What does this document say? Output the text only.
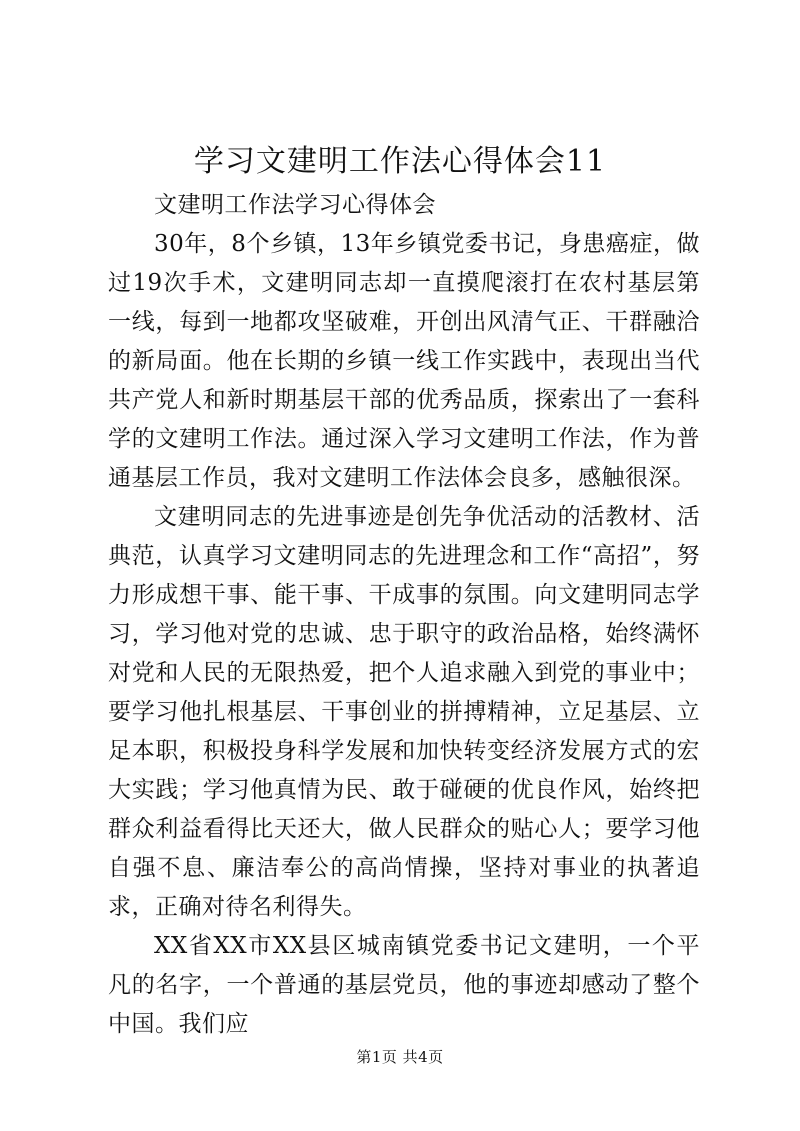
学习文建明工作法心得体会11

文建明工作法学习心得体会

30年，8个乡镇，13年乡镇党委书记，身患癌症，做过19次手术，文建明同志却一直摸爬滚打在农村基层第一线，每到一地都攻坚破难，开创出风清气正、干群融洽的新局面。他在长期的乡镇一线工作实践中，表现出当代共产党人和新时期基层干部的优秀品质，探索出了一套科学的文建明工作法。通过深入学习文建明工作法，作为普通基层工作员，我对文建明工作法体会良多，感触很深。

文建明同志的先进事迹是创先争优活动的活教材、活典范，认真学习文建明同志的先进理念和工作“高招”，努力形成想干事、能干事、干成事的氛围。向文建明同志学习，学习他对党的忠诚、忠于职守的政治品格，始终满怀对党和人民的无限热爱，把个人追求融入到党的事业中；要学习他扎根基层、干事创业的拼搏精神，立足基层、立足本职，积极投身科学发展和加快转变经济发展方式的宏大实践；学习他真情为民、敢于碰硬的优良作风，始终把群众利益看得比天还大，做人民群众的贴心人；要学习他自强不息、廉洁奉公的高尚情操，坚持对事业的执著追求，正确对待名利得失。

XX省XX市XX县区城南镇党委书记文建明，一个平凡的名字，一个普通的基层党员，他的事迹却感动了整个中国。我们应

第1页 共4页
